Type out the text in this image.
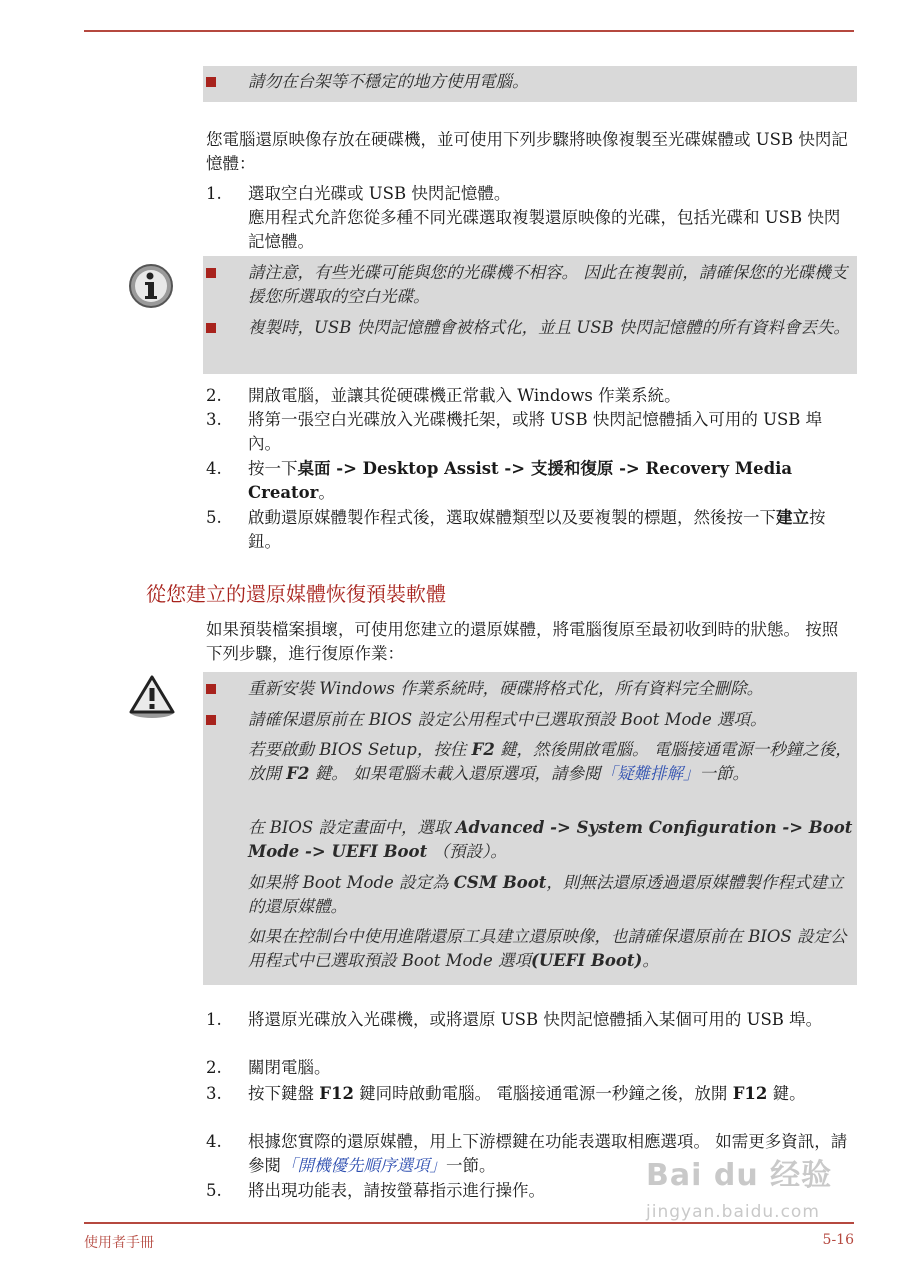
請勿在台架等不穩定的地方使用電腦。
您電腦還原映像存放在硬碟機，並可使用下列步驟將映像複製至光碟媒體或 USB 快閃記憶體：
1. 選取空白光碟或 USB 快閃記憶體。
應用程式允許您從多種不同光碟選取複製還原映像的光碟，包括光碟和 USB 快閃記憶體。
請注意，有些光碟可能與您的光碟機不相容。 因此在複製前，請確保您的光碟機支援您所選取的空白光碟。
複製時，USB 快閃記憶體會被格式化，並且 USB 快閃記憶體的所有資料會丟失。
2. 開啟電腦，並讓其從硬碟機正常載入 Windows 作業系統。
3. 將第一張空白光碟放入光碟機托架，或將 USB 快閃記憶體插入可用的 USB 埠內。
4. 按一下桌面 -> Desktop Assist -> 支援和復原 -> Recovery Media Creator。
5. 啟動還原媒體製作程式後，選取媒體類型以及要複製的標題，然後按一下建立按鈕。
從您建立的還原媒體恢復預裝軟體
如果預裝檔案損壞，可使用您建立的還原媒體，將電腦復原至最初收到時的狀態。 按照下列步驟，進行復原作業：
重新安裝 Windows 作業系統時，硬碟將格式化，所有資料完全刪除。
請確保還原前在 BIOS 設定公用程式中已選取預設 Boot Mode 選項。
若要啟動 BIOS Setup，按住 F2 鍵，然後開啟電腦。 電腦接通電源一秒鐘之後，放開 F2 鍵。 如果電腦未載入還原選項，請參閱「疑難排解」一節。
在 BIOS 設定畫面中，選取 Advanced -> System Configuration -> Boot Mode -> UEFI Boot （預設）。
如果將 Boot Mode 設定為 CSM Boot，則無法還原透過還原媒體製作程式建立的還原媒體。
如果在控制台中使用進階還原工具建立還原映像，也請確保還原前在 BIOS 設定公用程式中已選取預設 Boot Mode 選項(UEFI Boot)。
1. 將還原光碟放入光碟機，或將還原 USB 快閃記憶體插入某個可用的 USB 埠。
2. 關閉電腦。
3. 按下鍵盤 F12 鍵同時啟動電腦。 電腦接通電源一秒鐘之後，放開 F12 鍵。
4. 根據您實際的還原媒體，用上下游標鍵在功能表選取相應選項。 如需更多資訊，請參閱「開機優先順序選項」一節。
5. 將出現功能表，請按螢幕指示進行操作。	Bai du 经验
jingyan.baidu.com
使用者手冊	5-16
